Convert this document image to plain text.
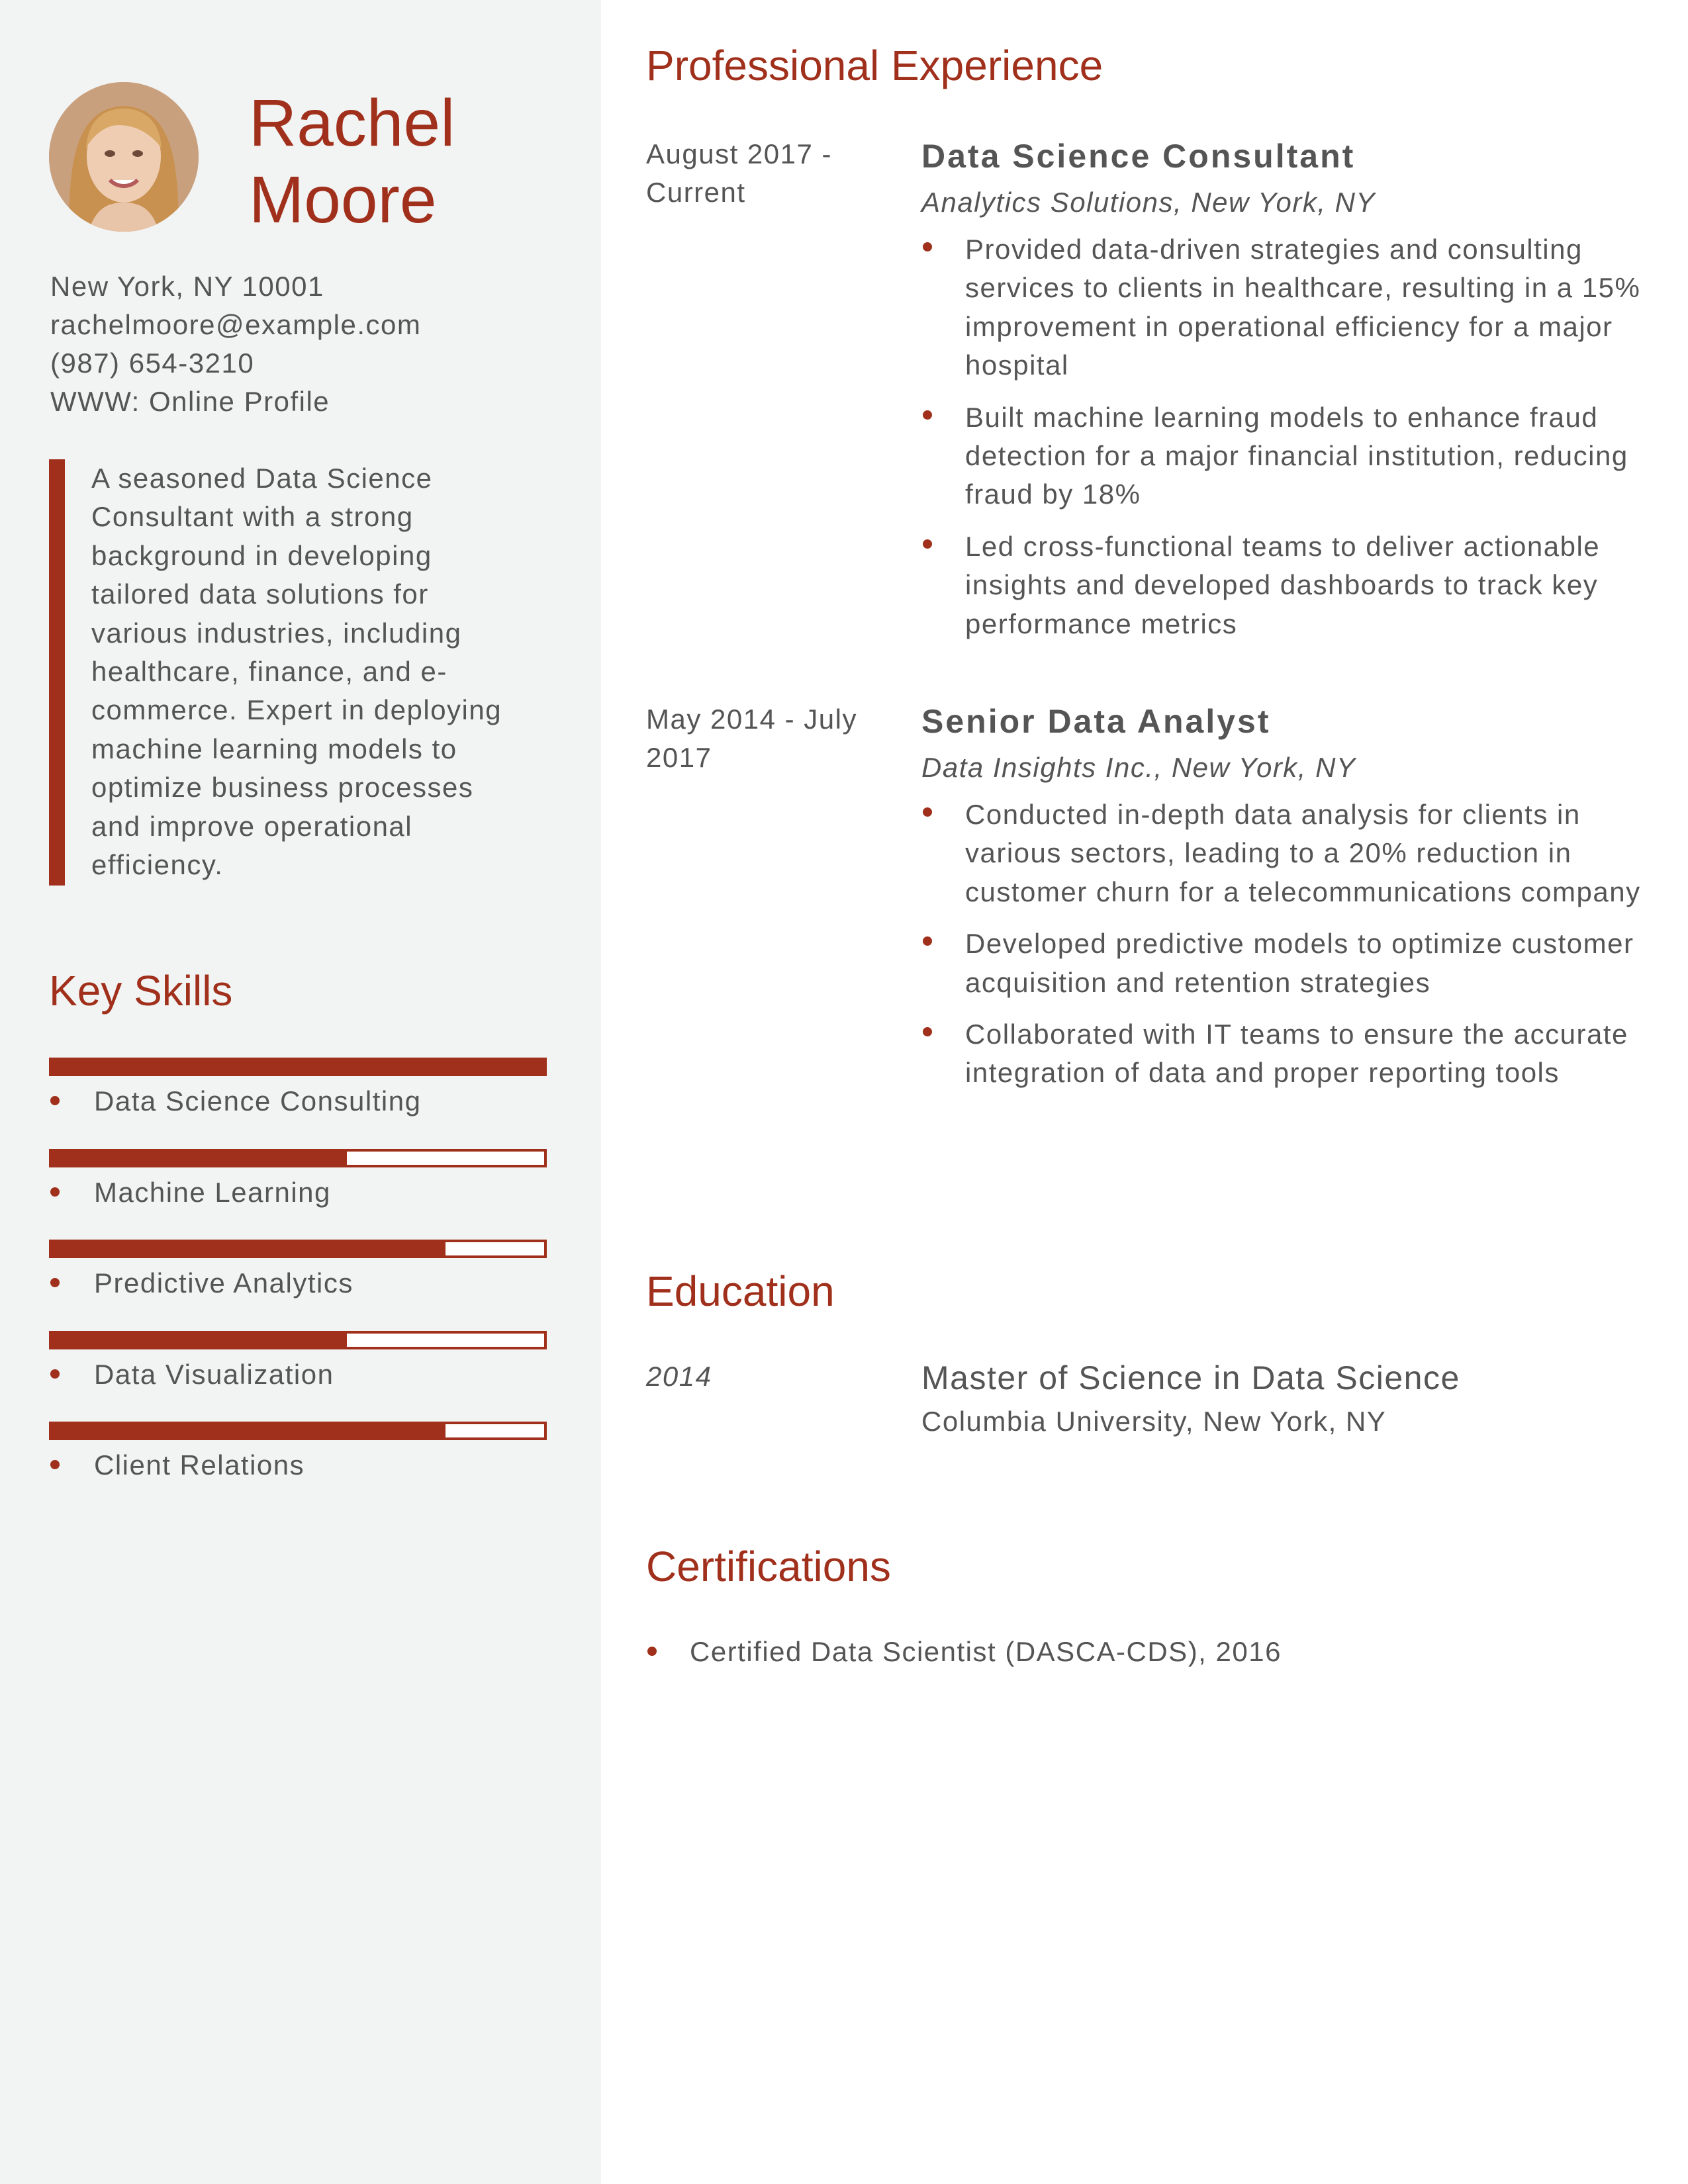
Rachel
Moore
New York, NY 10001
rachelmoore@example.com
(987) 654-3210
WWW: Online Profile
A seasoned Data Science Consultant with a strong background in developing tailored data solutions for various industries, including healthcare, finance, and e-commerce. Expert in deploying machine learning models to optimize business processes and improve operational efficiency.
Key Skills
Data Science Consulting
Machine Learning
Predictive Analytics
Data Visualization
Client Relations
Professional Experience
August 2017 -
Current
Data Science Consultant
Analytics Solutions, New York, NY
Provided data-driven strategies and consulting services to clients in healthcare, resulting in a 15% improvement in operational efficiency for a major hospital
Built machine learning models to enhance fraud detection for a major financial institution, reducing fraud by 18%
Led cross-functional teams to deliver actionable insights and developed dashboards to track key performance metrics
May 2014 - July
2017
Senior Data Analyst
Data Insights Inc., New York, NY
Conducted in-depth data analysis for clients in various sectors, leading to a 20% reduction in customer churn for a telecommunications company
Developed predictive models to optimize customer acquisition and retention strategies
Collaborated with IT teams to ensure the accurate integration of data and proper reporting tools
Education
2014	Master of Science in Data Science
Columbia University, New York, NY
Certifications
Certified Data Scientist (DASCA-CDS), 2016
